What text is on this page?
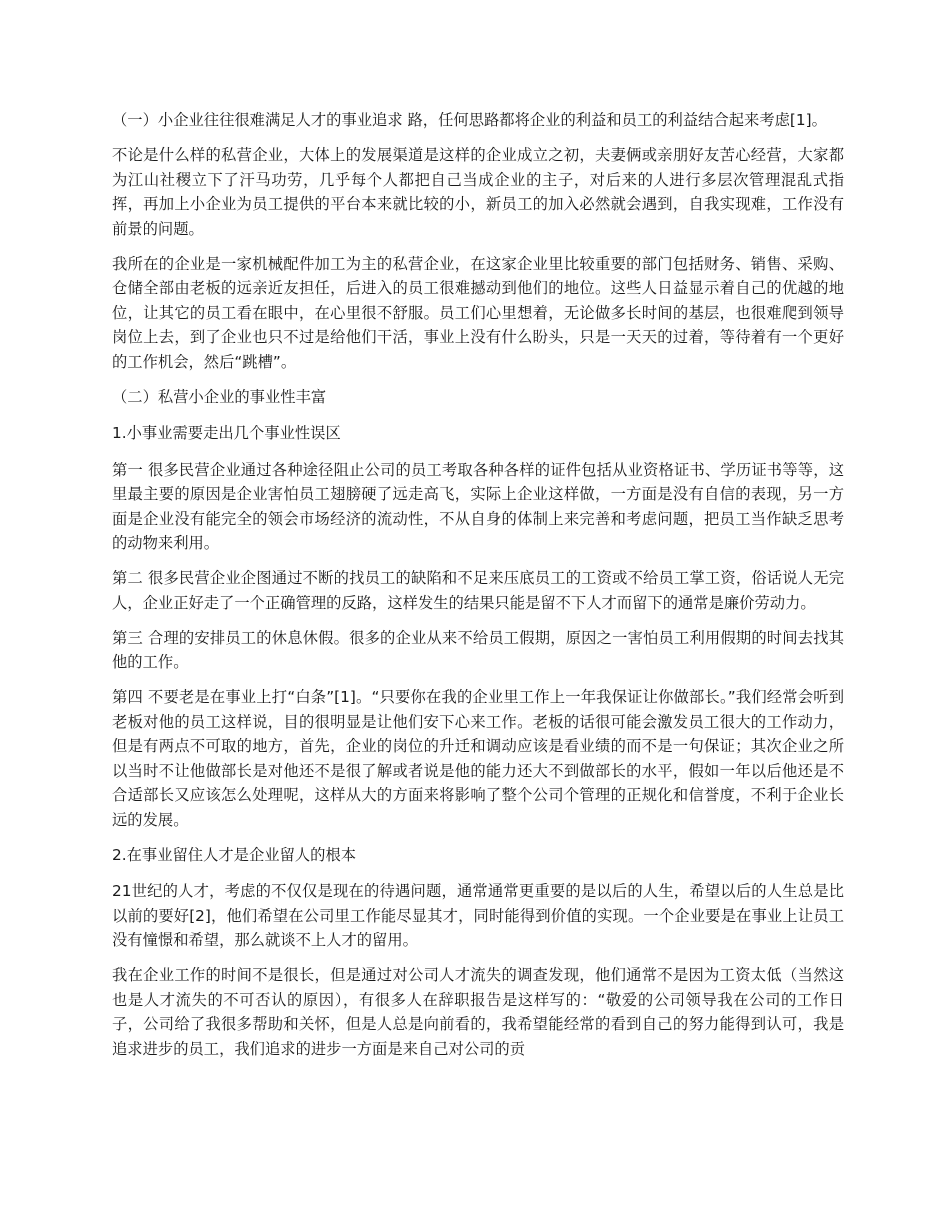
（一）小企业往往很难满足人才的事业追求 路，任何思路都将企业的利益和员工的利益结合起来考虑[1]。

不论是什么样的私营企业，大体上的发展渠道是这样的企业成立之初，夫妻俩或亲朋好友苦心经营，大家都为江山社稷立下了汗马功劳，几乎每个人都把自己当成企业的主子，对后来的人进行多层次管理混乱式指挥，再加上小企业为员工提供的平台本来就比较的小，新员工的加入必然就会遇到，自我实现难，工作没有前景的问题。

我所在的企业是一家机械配件加工为主的私营企业，在这家企业里比较重要的部门包括财务、销售、采购、仓储全部由老板的远亲近友担任，后进入的员工很难撼动到他们的地位。这些人日益显示着自己的优越的地位，让其它的员工看在眼中，在心里很不舒服。员工们心里想着，无论做多长时间的基层，也很难爬到领导岗位上去，到了企业也只不过是给他们干活，事业上没有什么盼头，只是一天天的过着，等待着有一个更好的工作机会，然后“跳槽”。

（二）私营小企业的事业性丰富

1.小事业需要走出几个事业性误区

第一 很多民营企业通过各种途径阻止公司的员工考取各种各样的证件包括从业资格证书、学历证书等等，这里最主要的原因是企业害怕员工翅膀硬了远走高飞，实际上企业这样做，一方面是没有自信的表现，另一方面是企业没有能完全的领会市场经济的流动性，不从自身的体制上来完善和考虑问题，把员工当作缺乏思考的动物来利用。

第二 很多民营企业企图通过不断的找员工的缺陷和不足来压底员工的工资或不给员工掌工资，俗话说人无完人，企业正好走了一个正确管理的反路，这样发生的结果只能是留不下人才而留下的通常是廉价劳动力。

第三 合理的安排员工的休息休假。很多的企业从来不给员工假期，原因之一害怕员工利用假期的时间去找其他的工作。

第四 不要老是在事业上打“白条”[1]。“只要你在我的企业里工作上一年我保证让你做部长。”我们经常会听到老板对他的员工这样说，目的很明显是让他们安下心来工作。老板的话很可能会激发员工很大的工作动力，但是有两点不可取的地方，首先，企业的岗位的升迁和调动应该是看业绩的而不是一句保证；其次企业之所以当时不让他做部长是对他还不是很了解或者说是他的能力还大不到做部长的水平，假如一年以后他还是不合适部长又应该怎么处理呢，这样从大的方面来将影响了整个公司个管理的正规化和信誉度，不利于企业长远的发展。

2.在事业留住人才是企业留人的根本

21世纪的人才，考虑的不仅仅是现在的待遇问题，通常通常更重要的是以后的人生，希望以后的人生总是比以前的要好[2]，他们希望在公司里工作能尽显其才，同时能得到价值的实现。一个企业要是在事业上让员工没有憧憬和希望，那么就谈不上人才的留用。

我在企业工作的时间不是很长，但是通过对公司人才流失的调查发现，他们通常不是因为工资太低（当然这也是人才流失的不可否认的原因），有很多人在辞职报告是这样写的：“敬爱的公司领导我在公司的工作日子，公司给了我很多帮助和关怀，但是人总是向前看的，我希望能经常的看到自己的努力能得到认可，我是追求进步的员工，我们追求的进步一方面是来自己对公司的贡
